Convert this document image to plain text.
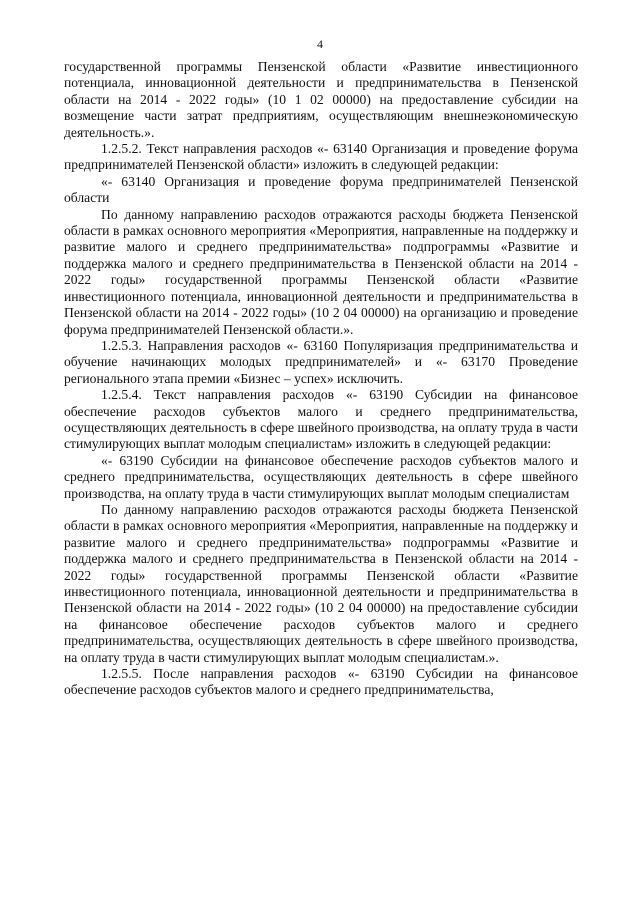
4

государственной программы Пензенской области «Развитие инвестиционного потенциала, инновационной деятельности и предпринимательства в Пензенской области на 2014 - 2022 годы» (10 1 02 00000) на предоставление субсидии на возмещение части затрат предприятиям, осуществляющим внешнеэкономическую деятельность.».

1.2.5.2. Текст направления расходов «- 63140 Организация и проведение форума предпринимателей Пензенской области» изложить в следующей редакции:

«- 63140 Организация и проведение форума предпринимателей Пензенской области

По данному направлению расходов отражаются расходы бюджета Пензенской области в рамках основного мероприятия «Мероприятия, направленные на поддержку и развитие малого и среднего предпринимательства» подпрограммы «Развитие и поддержка малого и среднего предпринимательства в Пензенской области на 2014 - 2022 годы» государственной программы Пензенской области «Развитие инвестиционного потенциала, инновационной деятельности и предпринимательства в Пензенской области на 2014 - 2022 годы» (10 2 04 00000) на организацию и проведение форума предпринимателей Пензенской области.».

1.2.5.3. Направления расходов «- 63160 Популяризация предпринимательства и обучение начинающих молодых предпринимателей» и «- 63170 Проведение регионального этапа премии «Бизнес – успех» исключить.

1.2.5.4. Текст направления расходов «- 63190 Субсидии на финансовое обеспечение расходов субъектов малого и среднего предпринимательства, осуществляющих деятельность в сфере швейного производства, на оплату труда в части стимулирующих выплат молодым специалистам» изложить в следующей редакции:

«- 63190 Субсидии на финансовое обеспечение расходов субъектов малого и среднего предпринимательства, осуществляющих деятельность в сфере швейного производства, на оплату труда в части стимулирующих выплат молодым специалистам

По данному направлению расходов отражаются расходы бюджета Пензенской области в рамках основного мероприятия «Мероприятия, направленные на поддержку и развитие малого и среднего предпринимательства» подпрограммы «Развитие и поддержка малого и среднего предпринимательства в Пензенской области на 2014 - 2022 годы» государственной программы Пензенской области «Развитие инвестиционного потенциала, инновационной деятельности и предпринимательства в Пензенской области на 2014 - 2022 годы» (10 2 04 00000) на предоставление субсидии на финансовое обеспечение расходов субъектов малого и среднего предпринимательства, осуществляющих деятельность в сфере швейного производства, на оплату труда в части стимулирующих выплат молодым специалистам.».

1.2.5.5. После направления расходов «- 63190 Субсидии на финансовое обеспечение расходов субъектов малого и среднего предпринимательства,
